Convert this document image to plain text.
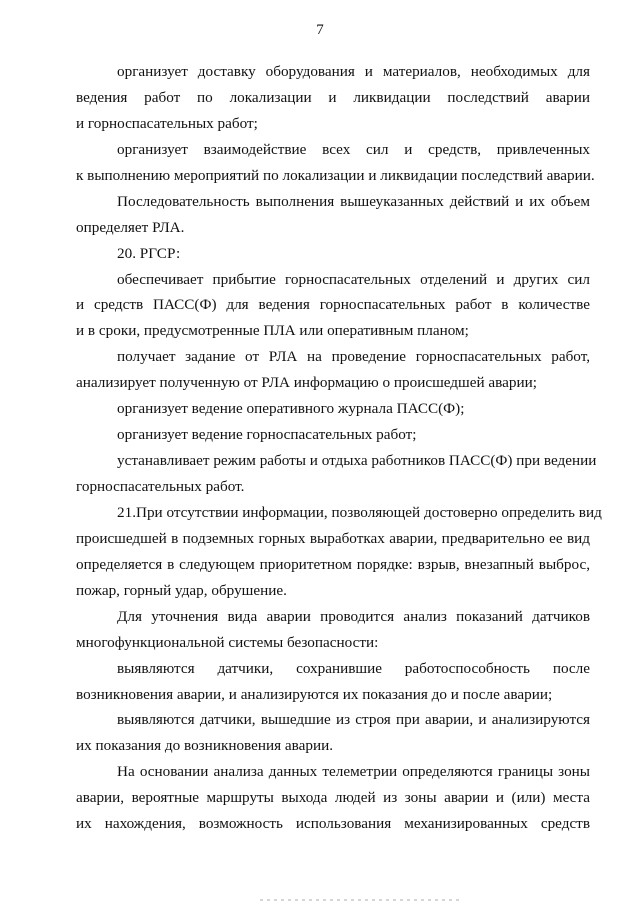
7
организует доставку оборудования и материалов, необходимых для
ведения работ по локализации и ликвидации последствий аварии
и горноспасательных работ;
организует взаимодействие всех сил и средств, привлеченных
к выполнению мероприятий по локализации и ликвидации последствий аварии.
Последовательность выполнения вышеуказанных действий и их объем
определяет РЛА.
20. РГСР:
обеспечивает прибытие горноспасательных отделений и других сил
и средств ПАСС(Ф) для ведения горноспасательных работ в количестве
и в сроки, предусмотренные ПЛА или оперативным планом;
получает задание от РЛА на проведение горноспасательных работ,
анализирует полученную от РЛА информацию о происшедшей аварии;
организует ведение оперативного журнала ПАСС(Ф);
организует ведение горноспасательных работ;
устанавливает режим работы и отдыха работников ПАСС(Ф) при ведении
горноспасательных работ.
21.При отсутствии информации, позволяющей достоверно определить вид
происшедшей в подземных горных выработках аварии, предварительно ее вид
определяется в следующем приоритетном порядке: взрыв, внезапный выброс,
пожар, горный удар, обрушение.
Для уточнения вида аварии проводится анализ показаний датчиков
многофункциональной системы безопасности:
выявляются датчики, сохранившие работоспособность после
возникновения аварии, и анализируются их показания до и после аварии;
выявляются датчики, вышедшие из строя при аварии, и анализируются
их показания до возникновения аварии.
На основании анализа данных телеметрии определяются границы зоны
аварии, вероятные маршруты выхода людей из зоны аварии и (или) места
их нахождения, возможность использования механизированных средств
